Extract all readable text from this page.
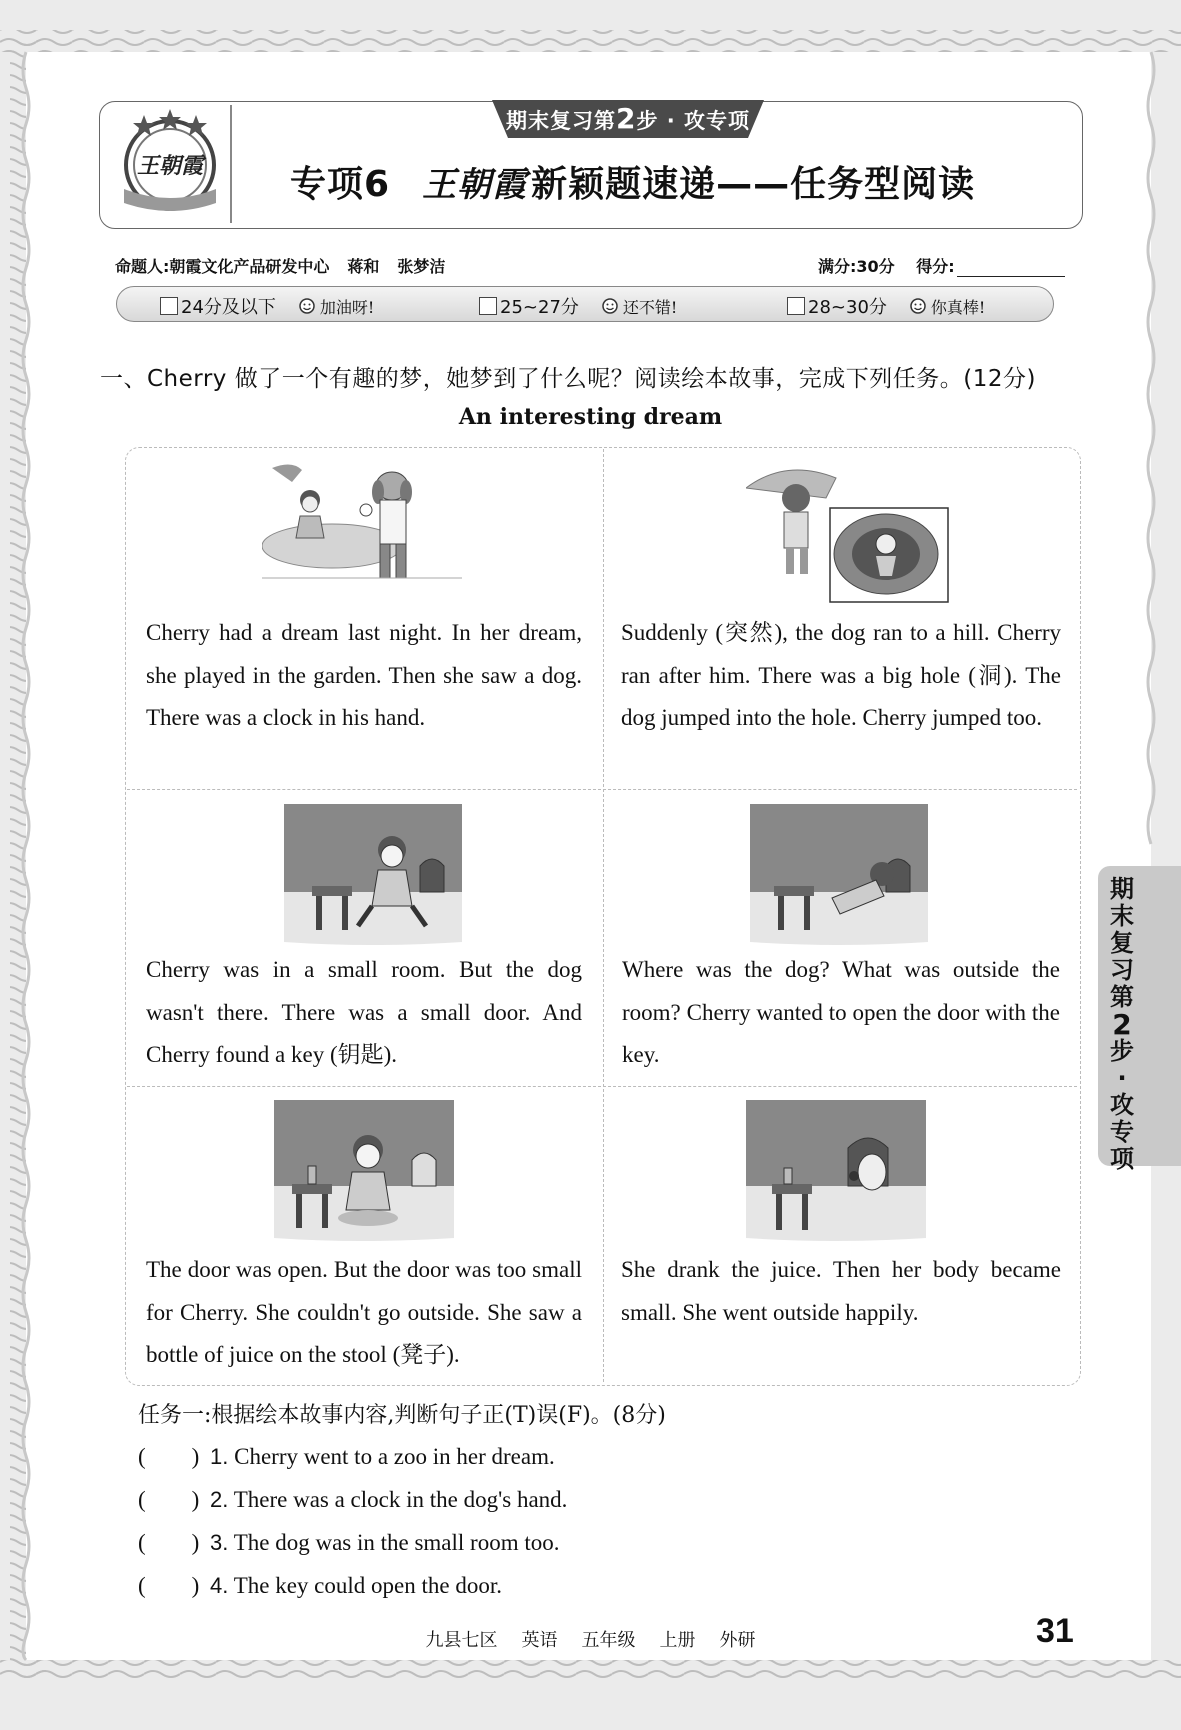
王朝霞
期末复习第2步 · 攻专项
专项6 王朝霞 新颖题速递——任务型阅读
命题人:朝霞文化产品研发中心 蒋和 张梦洁	满分:30分 得分:
24分及以下	加油呀!	25~27分	还不错!	28~30分	你真棒!
一、Cherry 做了一个有趣的梦，她梦到了什么呢？阅读绘本故事，完成下列任务。(12分)
An interesting dream
Cherry had a dream last night. In her dream, she played in the garden. Then she saw a dog. There was a clock in his hand.
Suddenly (突然), the dog ran to a hill. Cherry ran after him. There was a big hole (洞). The dog jumped into the hole. Cherry jumped too.
Cherry was in a small room. But the dog wasn't there. There was a small door. And Cherry found a key (钥匙).
Where was the dog? What was outside the room? Cherry wanted to open the door with the key.
The door was open. But the door was too small for Cherry. She couldn't go outside. She saw a bottle of juice on the stool (凳子).
She drank the juice. Then her body became small. She went outside happily.
任务一:根据绘本故事内容,判断句子正(T)误(F)。(8分)
(        ) 1. Cherry went to a zoo in her dream.
(        ) 2. There was a clock in the dog's hand.
(        ) 3. The dog was in the small room too.
(        ) 4. The key could open the door.
九县七区 英语 五年级 上册 外研	31
期
末
复
习
第
2
步
·
攻
专
项
